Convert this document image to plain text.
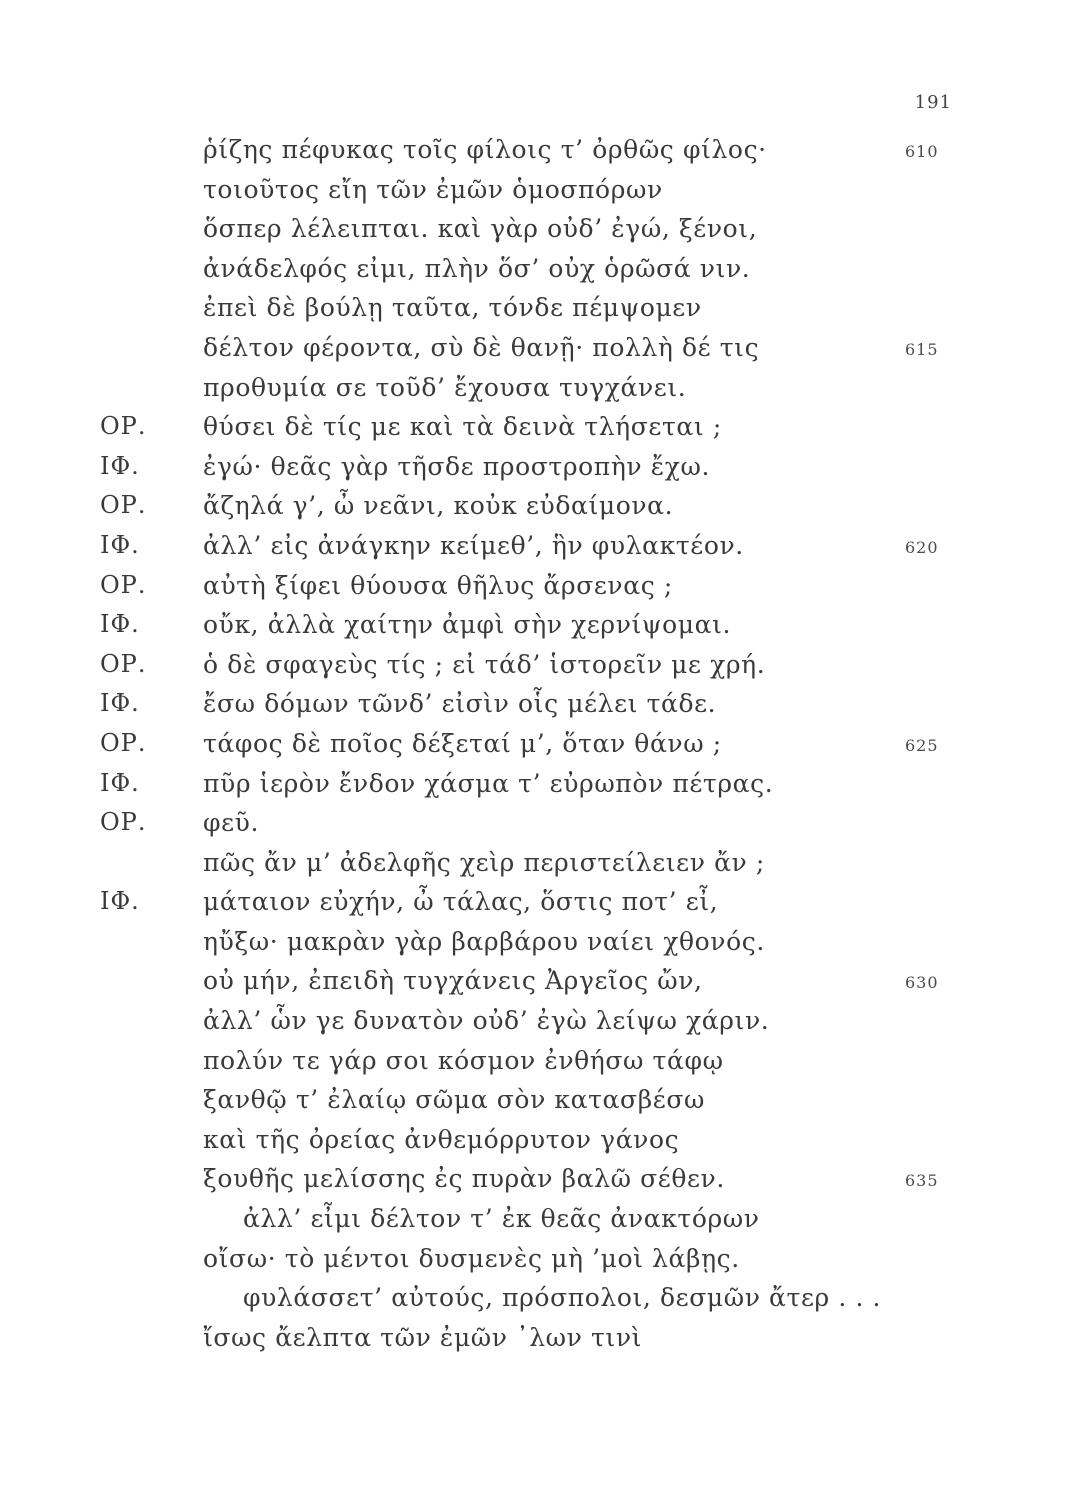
191
ῥίζης πέφυκας τοῖς φίλοις τ’ ὀρθῶς φίλος·	610
τοιοῦτος εἴη τῶν ἐμῶν ὁμοσπόρων
ὅσπερ λέλειπται. καὶ γὰρ οὐδ’ ἐγώ, ξένοι,
ἀνάδελφός εἰμι, πλὴν ὅσ’ οὐχ ὁρῶσά νιν.
ἐπεὶ δὲ βούλῃ ταῦτα, τόνδε πέμψομεν
δέλτον φέροντα, σὺ δὲ θανῇ· πολλὴ δέ τις	615
προθυμία σε τοῦδ’ ἔχουσα τυγχάνει.
ΟΡ. θύσει δὲ τίς με καὶ τὰ δεινὰ τλήσεται ;
ΙΦ.	ἐγώ· θεᾶς γὰρ τῆσδε προστροπὴν ἔχω.
ΟΡ. ἄζηλά γ’, ὦ νεᾶνι, κοὐκ εὐδαίμονα.
ΙΦ.	ἀλλ’ εἰς ἀνάγκην κείμεθ’, ἣν φυλακτέον.	620
ΟΡ. αὐτὴ ξίφει θύουσα θῆλυς ἄρσενας ;
ΙΦ.	οὔκ, ἀλλὰ χαίτην ἀμφὶ σὴν χερνίψομαι.
ΟΡ. ὁ δὲ σφαγεὺς τίς ; εἰ τάδ’ ἱστορεῖν με χρή.
ΙΦ.	ἔσω δόμων τῶνδ’ εἰσὶν οἷς μέλει τάδε.
ΟΡ. τάφος δὲ ποῖος δέξεταί μ’, ὅταν θάνω ;	625
ΙΦ.	πῦρ ἱερὸν ἔνδον χάσμα τ’ εὐρωπὸν πέτρας.
ΟΡ. φεῦ.
πῶς ἄν μ’ ἀδελφῆς χεὶρ περιστείλειεν ἄν ;
ΙΦ.	μάταιον εὐχήν, ὦ τάλας, ὅστις ποτ’ εἶ,
ηὔξω· μακρὰν γὰρ βαρβάρου ναίει χθονός.
οὐ μήν, ἐπειδὴ τυγχάνεις Ἀργεῖος ὤν,	630
ἀλλ’ ὧν γε δυνατὸν οὐδ’ ἐγὼ λείψω χάριν.
πολύν τε γάρ σοι κόσμον ἐνθήσω τάφῳ
ξανθῷ τ’ ἐλαίῳ σῶμα σὸν κατασβέσω
καὶ τῆς ὀρείας ἀνθεμόρρυτον γάνος
ξουθῆς μελίσσης ἐς πυρὰν βαλῶ σέθεν.	635
ἀλλ’ εἶμι δέλτον τ’ ἐκ θεᾶς ἀνακτόρων
οἴσω· τὸ μέντοι δυσμενὲς μὴ ’μοὶ λάβῃς.
φυλάσσετ’ αὐτούς, πρόσπολοι, δεσμῶν ἄτερ . . .
ἴσως ἄελπτα τῶν ἐμῶν ᾽λων τινὶ
